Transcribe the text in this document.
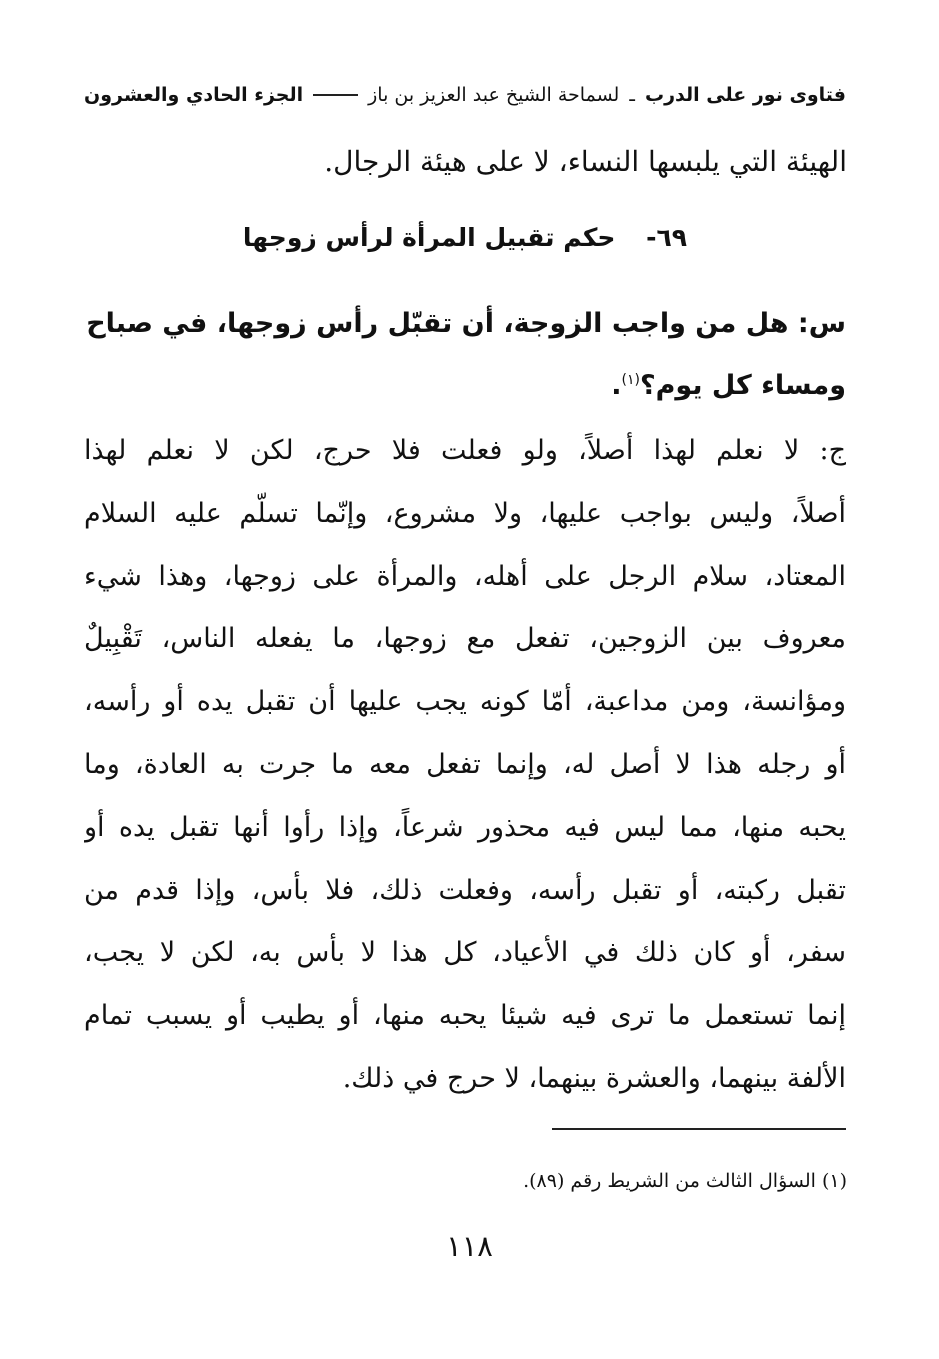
فتاوى نور على الدرب ـ لسماحة الشيخ عبد العزيز بن باز
الجزء الحادي والعشرون
الهيئة التي يلبسها النساء، لا على هيئة الرجال.
٦٩- حكم تقبيل المرأة لرأس زوجها
س: هل من واجب الزوجة، أن تقبّل رأس زوجها، في صباح
ومساء كل يوم؟$^{(١)}$.
ج: لا نعلم لهذا أصلاً، ولو فعلت فلا حرج، لكن لا نعلم لهذا
أصلاً، وليس بواجب عليها، ولا مشروع، وإنّما تسلّم عليه السلام
المعتاد، سلام الرجل على أهله، والمرأة على زوجها، وهذا شيء
معروف بين الزوجين، تفعل مع زوجها، ما يفعله الناس، تَقْبِيلٌ
ومؤانسة، ومن مداعبة، أمّا كونه يجب عليها أن تقبل يده أو رأسه،
أو رجله هذا لا أصل له، وإنما تفعل معه ما جرت به العادة، وما
يحبه منها، مما ليس فيه محذور شرعاً، وإذا رأوا أنها تقبل يده أو
تقبل ركبته، أو تقبل رأسه، وفعلت ذلك، فلا بأس، وإذا قدم من
سفر، أو كان ذلك في الأعياد، كل هذا لا بأس به، لكن لا يجب،
إنما تستعمل ما ترى فيه شيئا يحبه منها، أو يطيب أو يسبب تمام
الألفة بينهما، والعشرة بينهما، لا حرج في ذلك.
(١) السؤال الثالث من الشريط رقم (٨٩).
١١٨
